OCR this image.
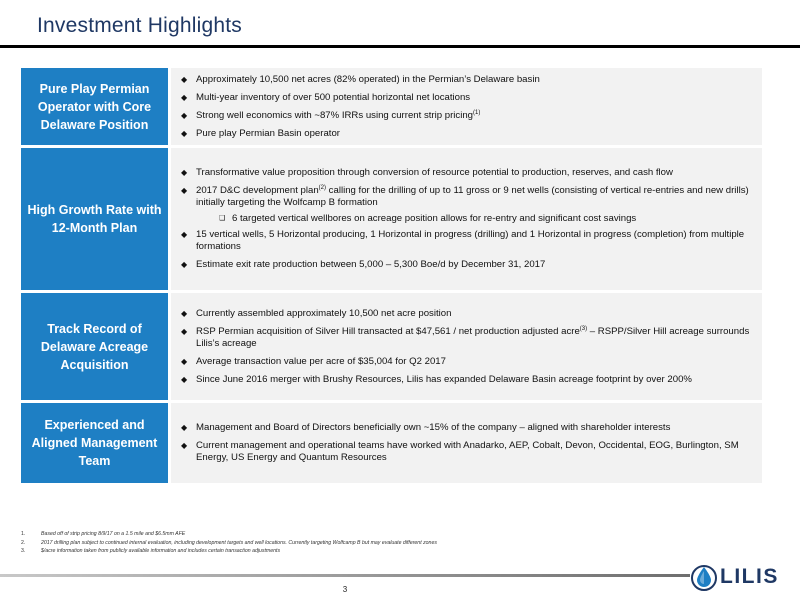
Investment Highlights
Pure Play Permian Operator with Core Delaware Position
◆ Approximately 10,500 net acres (82% operated) in the Permian’s Delaware basin
◆ Multi-year inventory of over 500 potential horizontal net locations
◆ Strong well economics with ~87% IRRs using current strip pricing$^{(1)}$
◆ Pure play Permian Basin operator
High Growth Rate with 12-Month Plan
◆ Transformative value proposition through conversion of resource potential to production, reserves, and cash flow
◆ 2017 D&C development plan$^{(2)}$ calling for the drilling of up to 11 gross or 9 net wells (consisting of vertical re-entries and new drills) initially targeting the Wolfcamp B formation
❑ 6 targeted vertical wellbores on acreage position allows for re-entry and significant cost savings
◆ 15 vertical wells, 5 Horizontal producing, 1 Horizontal in progress (drilling) and 1 Horizontal in progress (completion) from multiple formations
◆ Estimate exit rate production between 5,000 – 5,300 Boe/d by December 31, 2017
Track Record of Delaware Acreage Acquisition
◆ Currently assembled approximately 10,500 net acre position
◆ RSP Permian acquisition of Silver Hill transacted at $47,561 / net production adjusted acre$^{(3)}$ – RSPP/Silver Hill acreage surrounds Lilis’s acreage
◆ Average transaction value per acre of $35,004 for Q2 2017
◆ Since June 2016 merger with Brushy Resources, Lilis has expanded Delaware Basin acreage footprint by over 200%
Experienced and Aligned Management Team
◆ Management and Board of Directors beneficially own ~15% of the company – aligned with shareholder interests
◆ Current management and operational teams have worked with Anadarko, AEP, Cobalt, Devon, Occidental, EOG, Burlington, SM Energy, US Energy and Quantum Resources
1.	Based off of strip pricing 8/9/17 on a 1.5 mile and $6.5mm AFE
2.	2017 drilling plan subject to continued internal evaluation, including development targets and well locations. Currently targeting Wolfcamp B but may evaluate different zones
3.	$/acre information taken from publicly available information and includes certain transaction adjustments
3
LILIS
